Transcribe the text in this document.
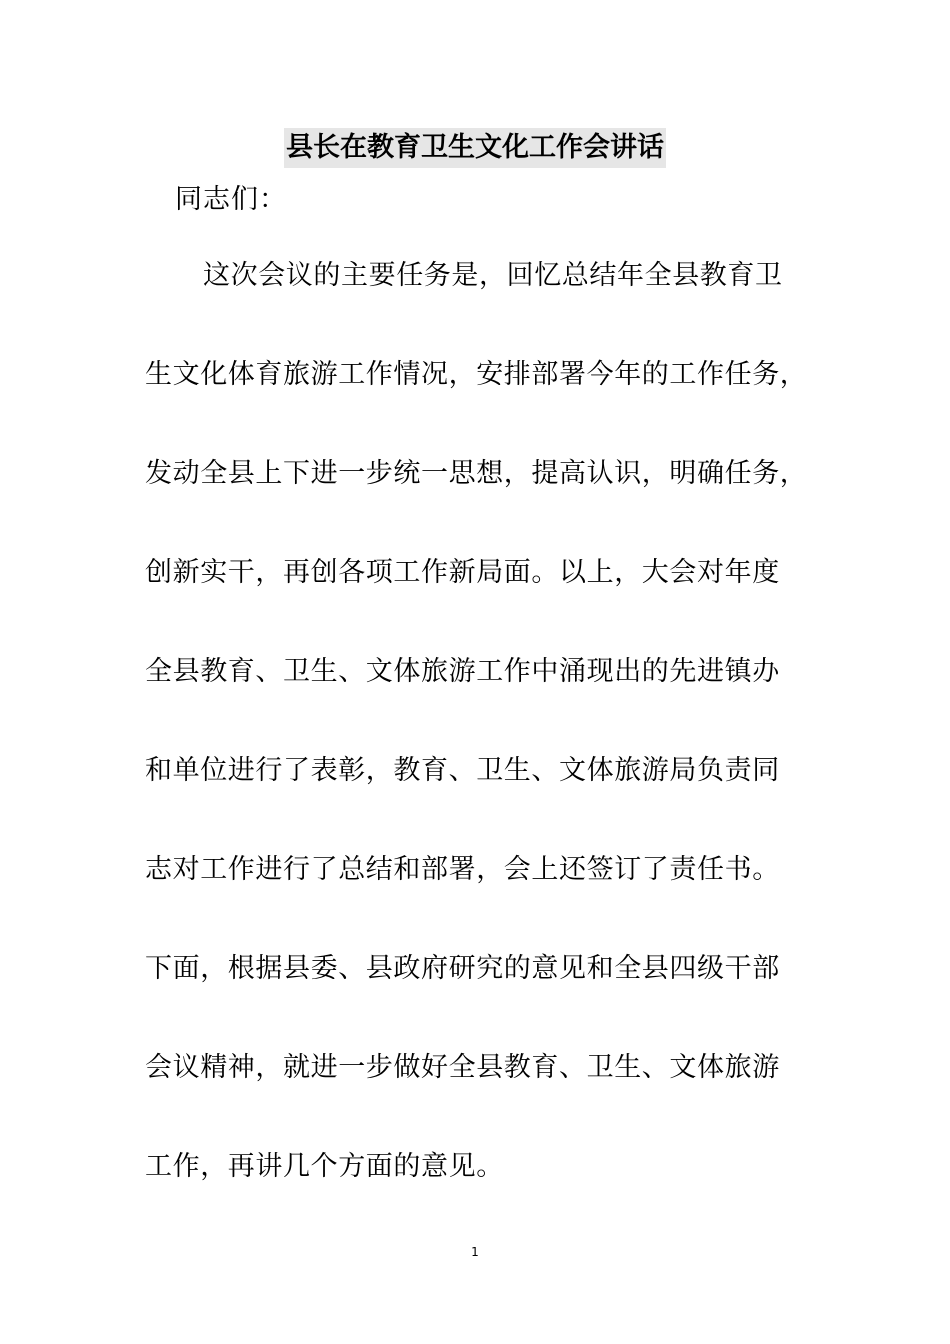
县长在教育卫生文化工作会讲话
同志们：
这次会议的主要任务是，回忆总结年全县教育卫
生文化体育旅游工作情况，安排部署今年的工作任务，
发动全县上下进一步统一思想，提高认识，明确任务，
创新实干，再创各项工作新局面。以上，大会对年度
全县教育、卫生、文体旅游工作中涌现出的先进镇办
和单位进行了表彰，教育、卫生、文体旅游局负责同
志对工作进行了总结和部署，会上还签订了责任书。
下面，根据县委、县政府研究的意见和全县四级干部
会议精神，就进一步做好全县教育、卫生、文体旅游
工作，再讲几个方面的意见。
1
